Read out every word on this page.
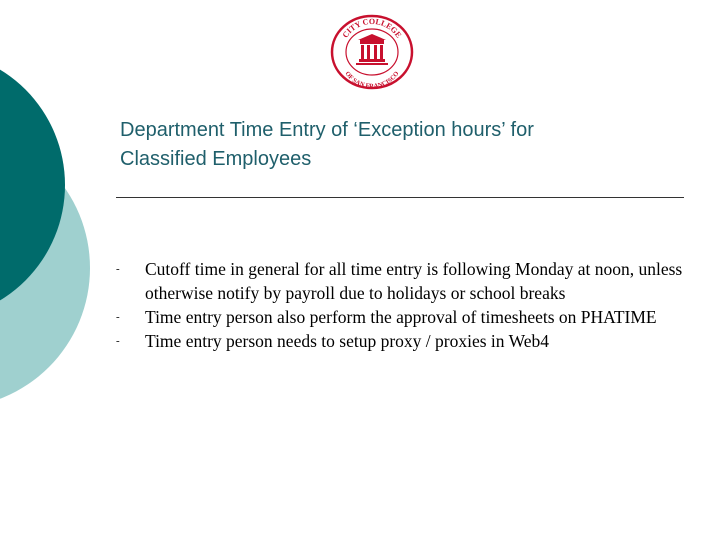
CITY COLLEGE
OF SAN FRANCISCO
Department Time Entry of ‘Exception hours’ for
Classified Employees
- Cutoff time in general for all time entry is following Monday at noon, unless otherwise notify by payroll due to holidays or school breaks
- Time entry person also perform the approval of timesheets on PHATIME
- Time entry person needs to setup proxy / proxies in Web4
